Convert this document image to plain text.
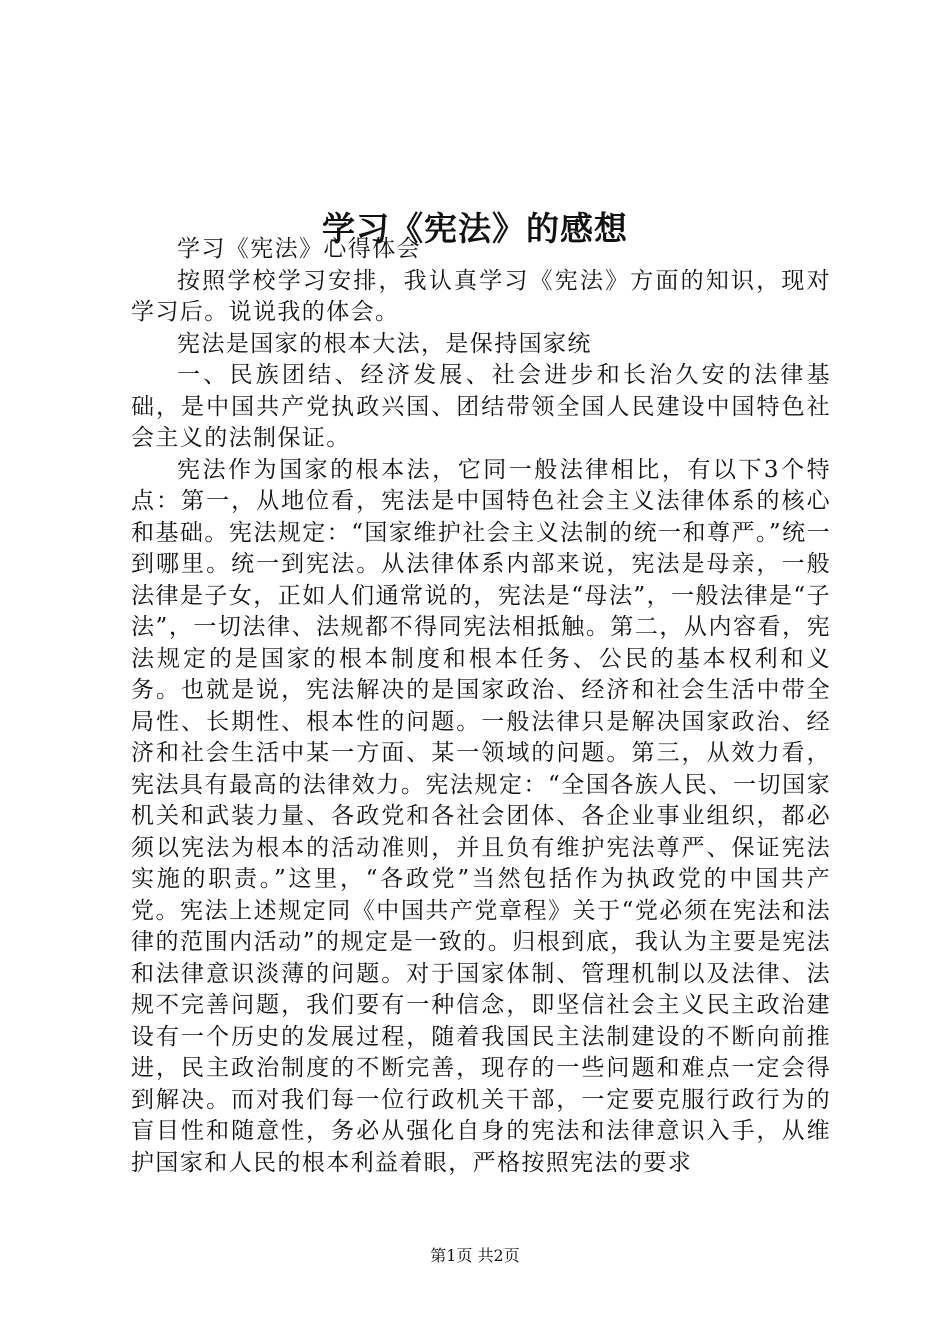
学习《宪法》的感想

学习《宪法》心得体会

按照学校学习安排，我认真学习《宪法》方面的知识，现对学习后。说说我的体会。

宪法是国家的根本大法，是保持国家统

一、民族团结、经济发展、社会进步和长治久安的法律基础，是中国共产党执政兴国、团结带领全国人民建设中国特色社会主义的法制保证。

宪法作为国家的根本法，它同一般法律相比，有以下3个特点：第一，从地位看，宪法是中国特色社会主义法律体系的核心和基础。宪法规定：“国家维护社会主义法制的统一和尊严。”统一到哪里。统一到宪法。从法律体系内部来说，宪法是母亲，一般法律是子女，正如人们通常说的，宪法是“母法”，一般法律是“子法”，一切法律、法规都不得同宪法相抵触。第二，从内容看，宪法规定的是国家的根本制度和根本任务、公民的基本权利和义务。也就是说，宪法解决的是国家政治、经济和社会生活中带全局性、长期性、根本性的问题。一般法律只是解决国家政治、经济和社会生活中某一方面、某一领域的问题。第三，从效力看，宪法具有最高的法律效力。宪法规定：“全国各族人民、一切国家机关和武装力量、各政党和各社会团体、各企业事业组织，都必须以宪法为根本的活动准则，并且负有维护宪法尊严、保证宪法实施的职责。”这里，“各政党”当然包括作为执政党的中国共产党。宪法上述规定同《中国共产党章程》关于“党必须在宪法和法律的范围内活动”的规定是一致的。归根到底，我认为主要是宪法和法律意识淡薄的问题。对于国家体制、管理机制以及法律、法规不完善问题，我们要有一种信念，即坚信社会主义民主政治建设有一个历史的发展过程，随着我国民主法制建设的不断向前推进，民主政治制度的不断完善，现存的一些问题和难点一定会得到解决。而对我们每一位行政机关干部，一定要克服行政行为的盲目性和随意性，务必从强化自身的宪法和法律意识入手，从维护国家和人民的根本利益着眼，严格按照宪法的要求

第1页 共2页
